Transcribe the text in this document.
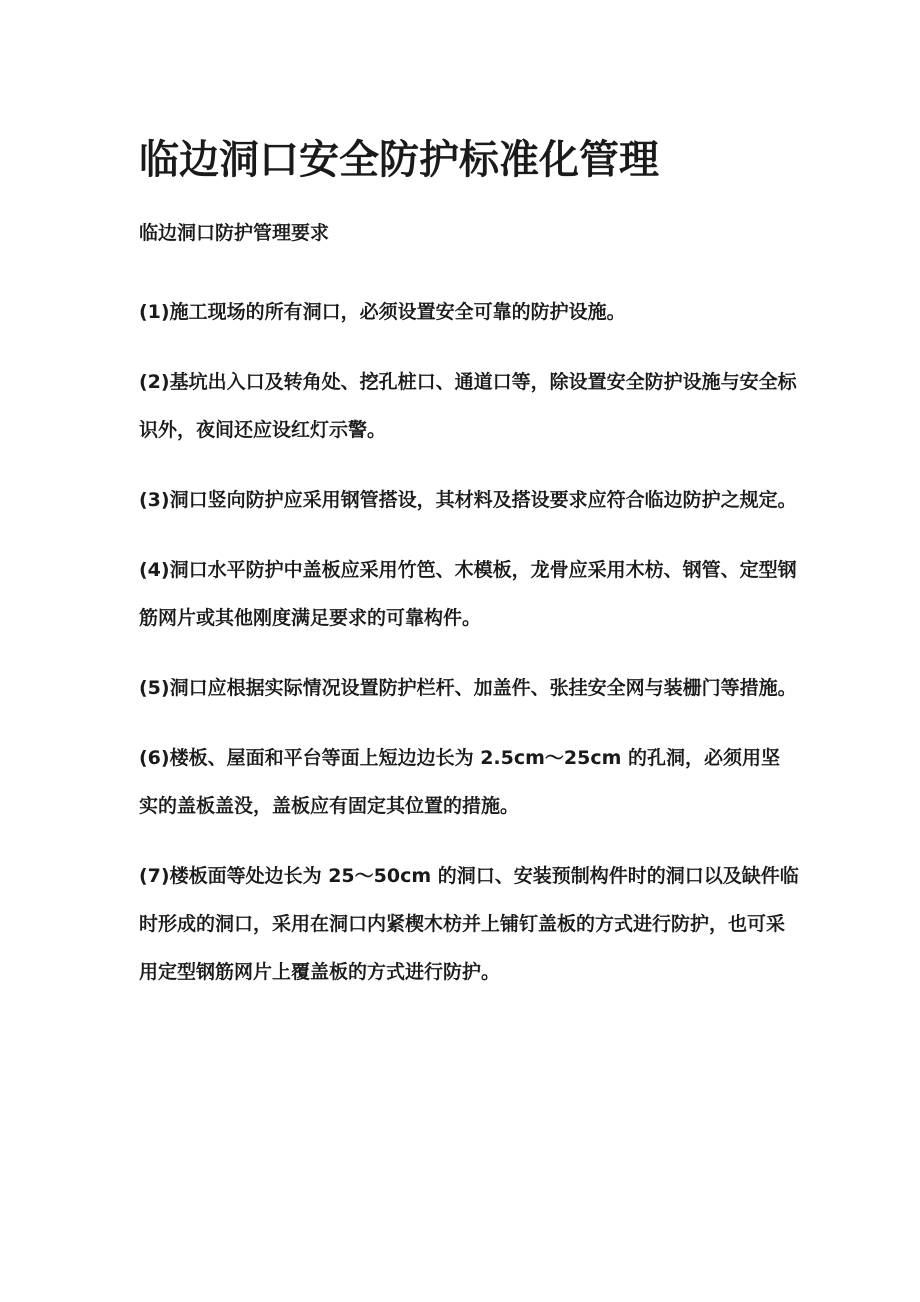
临边洞口安全防护标准化管理
临边洞口防护管理要求

(1)施工现场的所有洞口，必须设置安全可靠的防护设施。

(2)基坑出入口及转角处、挖孔桩口、通道口等，除设置安全防护设施与安全标识外，夜间还应设红灯示警。

(3)洞口竖向防护应采用钢管搭设，其材料及搭设要求应符合临边防护之规定。

(4)洞口水平防护中盖板应采用竹笆、木模板，龙骨应采用木枋、钢管、定型钢筋网片或其他刚度满足要求的可靠构件。

(5)洞口应根据实际情况设置防护栏杆、加盖件、张挂安全网与装栅门等措施。

(6)楼板、屋面和平台等面上短边边长为 2.5cm～25cm 的孔洞，必须用坚实的盖板盖没，盖板应有固定其位置的措施。

(7)楼板面等处边长为 25～50cm 的洞口、安装预制构件时的洞口以及缺件临时形成的洞口，采用在洞口内紧楔木枋并上铺钉盖板的方式进行防护，也可采用定型钢筋网片上覆盖板的方式进行防护。
